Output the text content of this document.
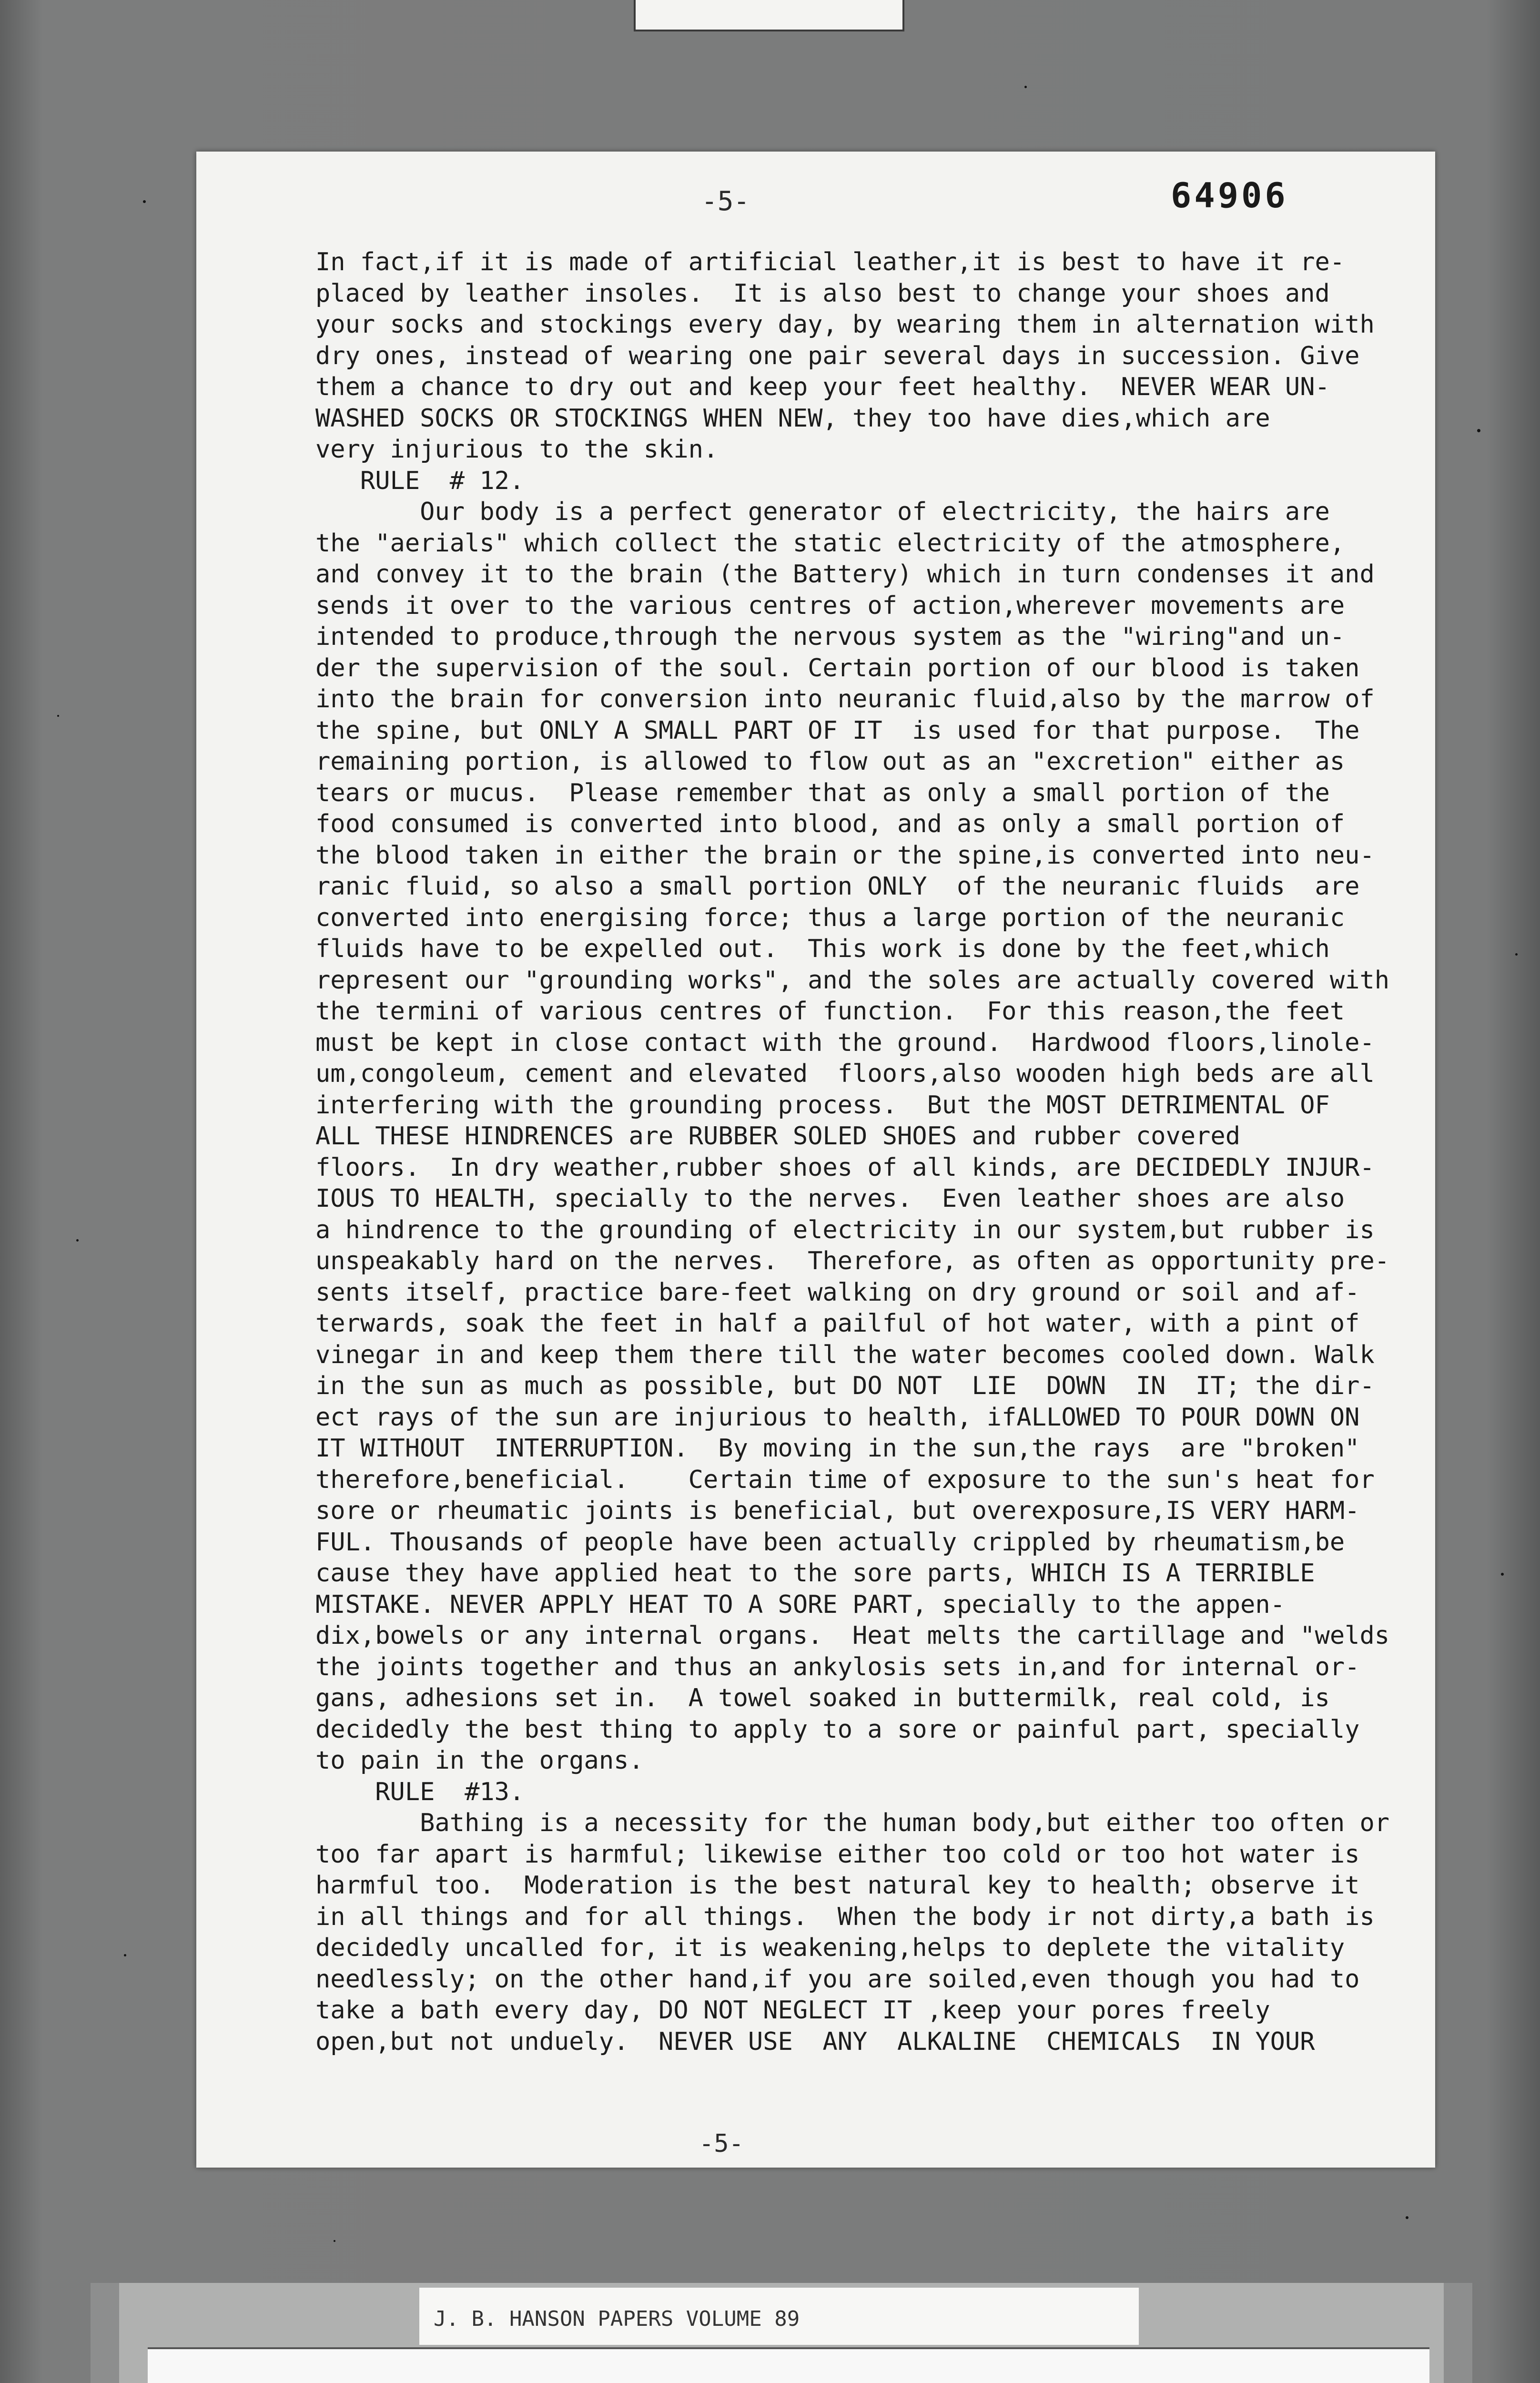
-5-	64906
In fact,if it is made of artificial leather,it is best to have it re-
placed by leather insoles.  It is also best to change your shoes and
your socks and stockings every day, by wearing them in alternation with
dry ones, instead of wearing one pair several days in succession. Give
them a chance to dry out and keep your feet healthy.  NEVER WEAR UN-
WASHED SOCKS OR STOCKINGS WHEN NEW, they too have dies,which are
very injurious to the skin.
RULE  # 12.
Our body is a perfect generator of electricity, the hairs are
the "aerials" which collect the static electricity of the atmosphere,
and convey it to the brain (the Battery) which in turn condenses it and
sends it over to the various centres of action,wherever movements are
intended to produce,through the nervous system as the "wiring"and un-
der the supervision of the soul. Certain portion of our blood is taken
into the brain for conversion into neuranic fluid,also by the marrow of
the spine, but ONLY A SMALL PART OF IT  is used for that purpose.  The
remaining portion, is allowed to flow out as an "excretion" either as
tears or mucus.  Please remember that as only a small portion of the
food consumed is converted into blood, and as only a small portion of
the blood taken in either the brain or the spine,is converted into neu-
ranic fluid, so also a small portion ONLY  of the neuranic fluids  are
converted into energising force; thus a large portion of the neuranic
fluids have to be expelled out.  This work is done by the feet,which
represent our "grounding works", and the soles are actually covered with
the termini of various centres of function.  For this reason,the feet
must be kept in close contact with the ground.  Hardwood floors,linole-
um,congoleum, cement and elevated  floors,also wooden high beds are all
interfering with the grounding process.  But the MOST DETRIMENTAL OF
ALL THESE HINDRENCES are RUBBER SOLED SHOES and rubber covered
floors.  In dry weather,rubber shoes of all kinds, are DECIDEDLY INJUR-
IOUS TO HEALTH, specially to the nerves.  Even leather shoes are also
a hindrence to the grounding of electricity in our system,but rubber is
unspeakably hard on the nerves.  Therefore, as often as opportunity pre-
sents itself, practice bare-feet walking on dry ground or soil and af-
terwards, soak the feet in half a pailful of hot water, with a pint of
vinegar in and keep them there till the water becomes cooled down. Walk
in the sun as much as possible, but DO NOT  LIE  DOWN  IN  IT; the dir-
ect rays of the sun are injurious to health, ifALLOWED TO POUR DOWN ON
IT WITHOUT  INTERRUPTION.  By moving in the sun,the rays  are "broken"
therefore,beneficial.    Certain time of exposure to the sun's heat for
sore or rheumatic joints is beneficial, but overexposure,IS VERY HARM-
FUL. Thousands of people have been actually crippled by rheumatism,be
cause they have applied heat to the sore parts, WHICH IS A TERRIBLE
MISTAKE. NEVER APPLY HEAT TO A SORE PART, specially to the appen-
dix,bowels or any internal organs.  Heat melts the cartillage and "welds
the joints together and thus an ankylosis sets in,and for internal or-
gans, adhesions set in.  A towel soaked in buttermilk, real cold, is
decidedly the best thing to apply to a sore or painful part, specially
to pain in the organs.
RULE  #13.
Bathing is a necessity for the human body,but either too often or
too far apart is harmful; likewise either too cold or too hot water is
harmful too.  Moderation is the best natural key to health; observe it
in all things and for all things.  When the body ir not dirty,a bath is
decidedly uncalled for, it is weakening,helps to deplete the vitality
needlessly; on the other hand,if you are soiled,even though you had to
take a bath every day, DO NOT NEGLECT IT ,keep your pores freely
open,but not unduely.  NEVER USE  ANY  ALKALINE  CHEMICALS  IN YOUR
-5-
J. B. HANSON PAPERS VOLUME 89
